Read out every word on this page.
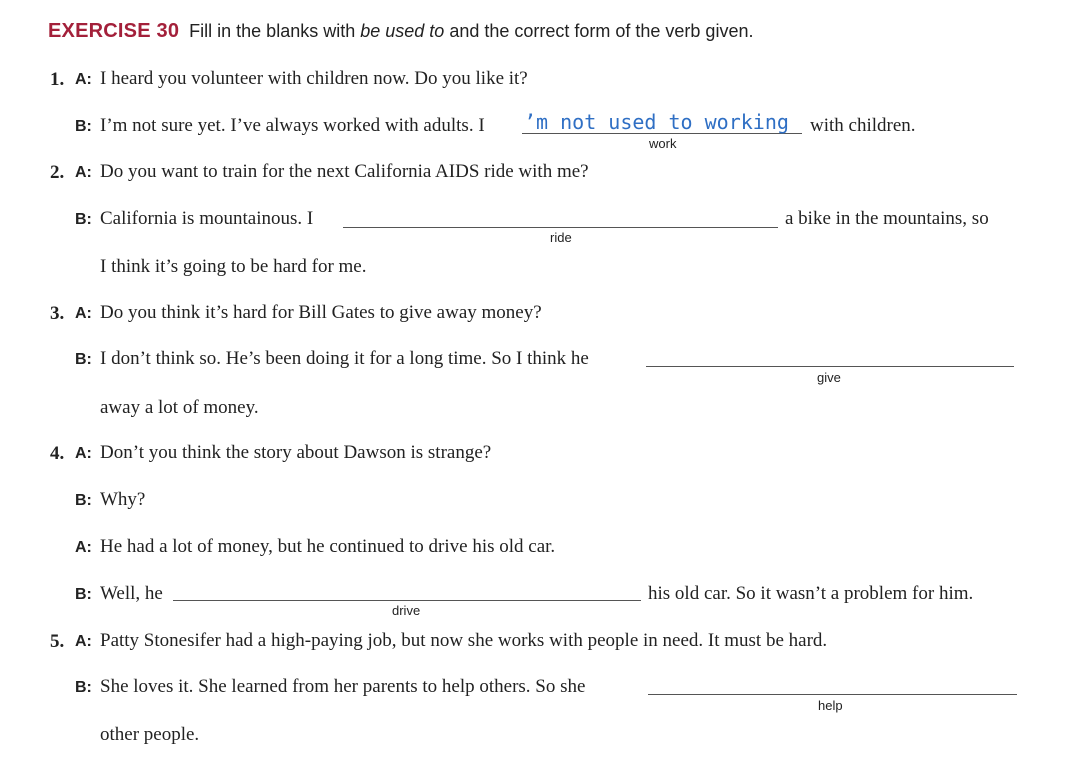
EXERCISE 30 Fill in the blanks with be used to and the correct form of the verb given.
1. A: I heard you volunteer with children now. Do you like it?
B: I’m not sure yet. I’ve always worked with adults. I ’m not used to working with children.
work
2. A: Do you want to train for the next California AIDS ride with me?
B: California is mountainous. I	a bike in the mountains, so
ride
I think it’s going to be hard for me.
3. A: Do you think it’s hard for Bill Gates to give away money?
B: I don’t think so. He’s been doing it for a long time. So I think he
give
away a lot of money.
4. A: Don’t you think the story about Dawson is strange?
B: Why?
A: He had a lot of money, but he continued to drive his old car.
B: Well, he	his old car. So it wasn’t a problem for him.
drive
5. A: Patty Stonesifer had a high-paying job, but now she works with people in need. It must be hard.
B: She loves it. She learned from her parents to help others. So she
help
other people.
